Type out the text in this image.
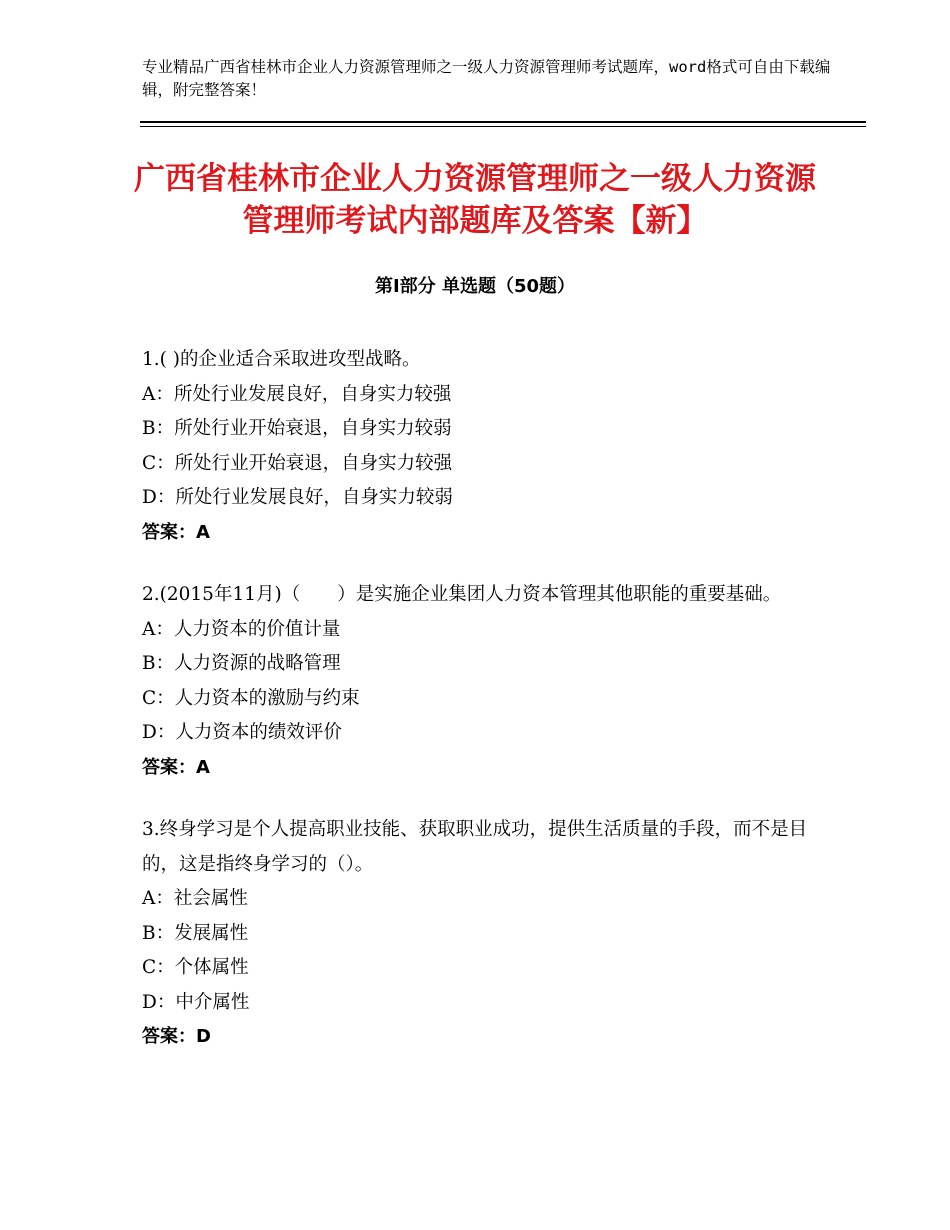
专业精品广西省桂林市企业人力资源管理师之一级人力资源管理师考试题库，word格式可自由下载编辑，附完整答案！
广西省桂林市企业人力资源管理师之一级人力资源管理师考试内部题库及答案【新】
第Ⅰ部分 单选题（50题）

1.( )的企业适合采取进攻型战略。

A：所处行业发展良好，自身实力较强

B：所处行业开始衰退，自身实力较弱

C：所处行业开始衰退，自身实力较强

D：所处行业发展良好，自身实力较弱

答案：A

2.(2015年11月)（　　）是实施企业集团人力资本管理其他职能的重要基础。

A：人力资本的价值计量

B：人力资源的战略管理

C：人力资本的激励与约束

D：人力资本的绩效评价

答案：A

3.终身学习是个人提高职业技能、获取职业成功，提供生活质量的手段，而不是目的，这是指终身学习的（）。

A：社会属性

B：发展属性

C：个体属性

D：中介属性

答案：D
